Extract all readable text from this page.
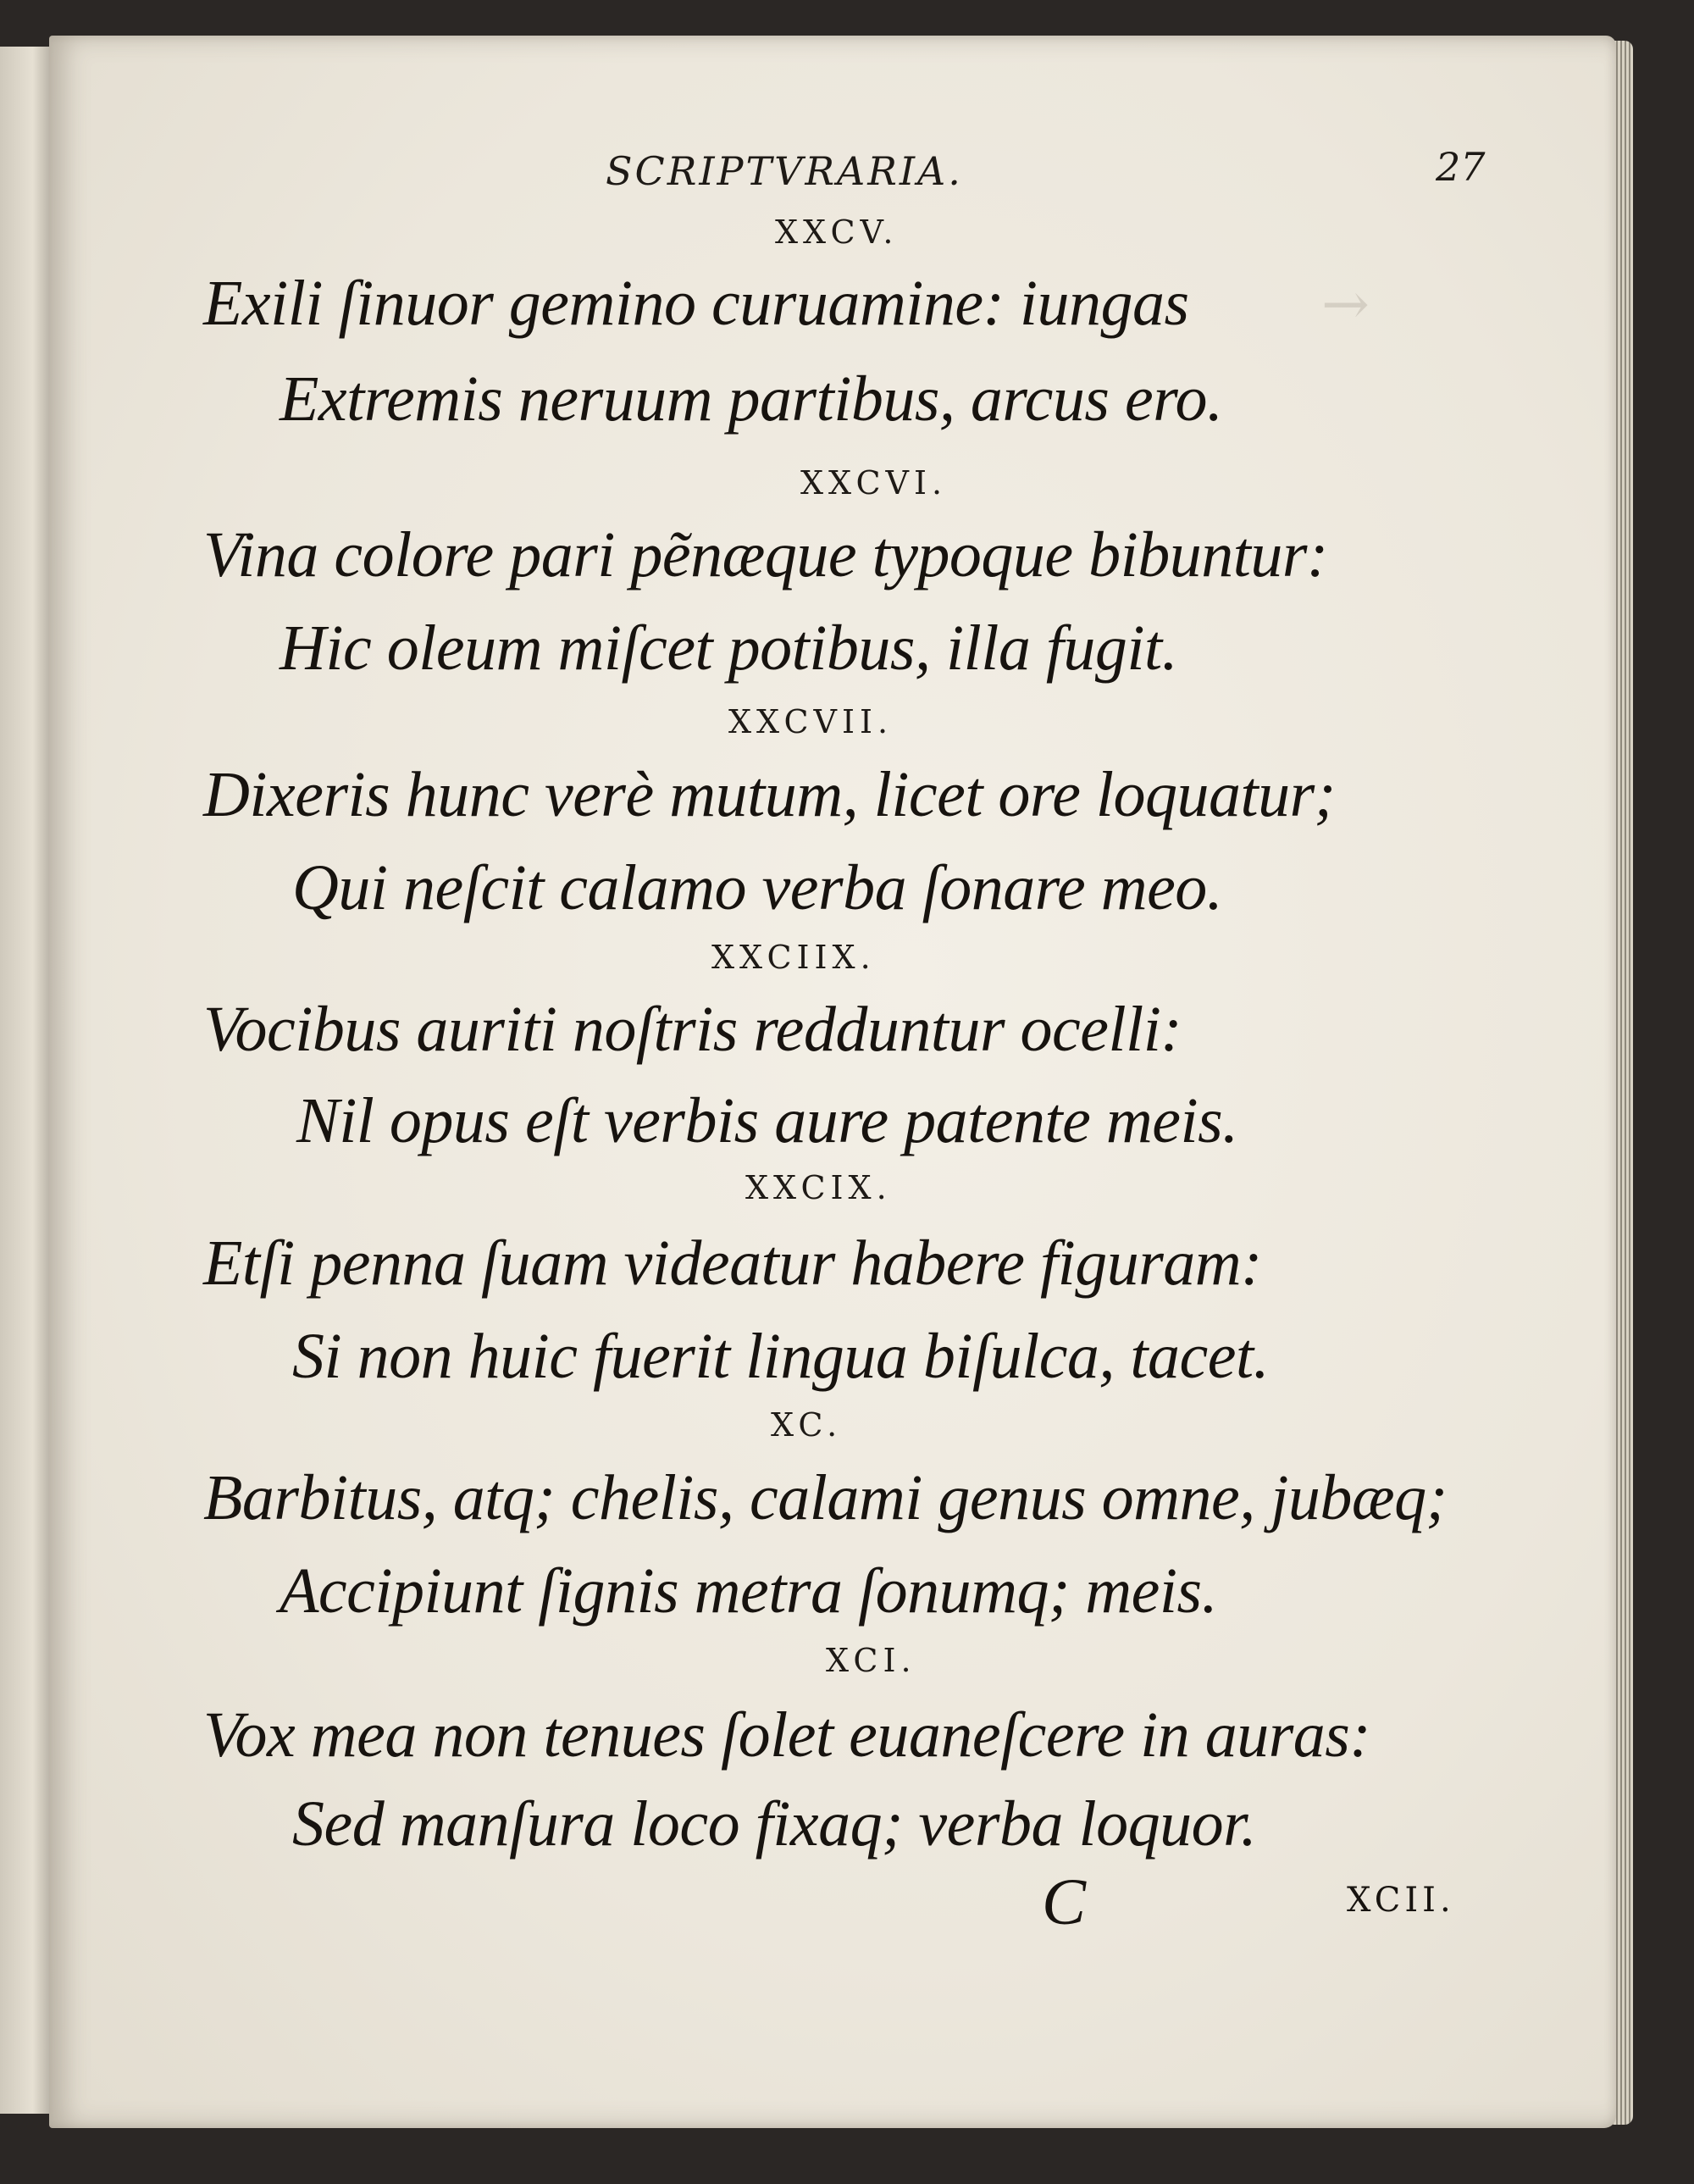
→
SCRIPTVRARIA.	27
XXCV.
Exili ſinuor gemino curuamine: iungas
Extremis neruum partibus, arcus ero.
XXCVI.
Vina colore pari pẽnæque typoque bibuntur:
Hic oleum miſcet potibus, illa fugit.
XXCVII.
Dixeris hunc verè mutum, licet ore loquatur;
Qui neſcit calamo verba ſonare meo.
XXCIIX.
Vocibus auriti noſtris redduntur ocelli:
Nil opus eſt verbis aure patente meis.
XXCIX.
Etſi penna ſuam videatur habere figuram:
Si non huic fuerit lingua biſulca, tacet.
XC.
Barbitus, atq; chelis, calami genus omne, jubæq;
Accipiunt ſignis metra ſonumq; meis.
XCI.
Vox mea non tenues ſolet euaneſcere in auras:
Sed manſura loco fixaq; verba loquor.
C	XCII.
